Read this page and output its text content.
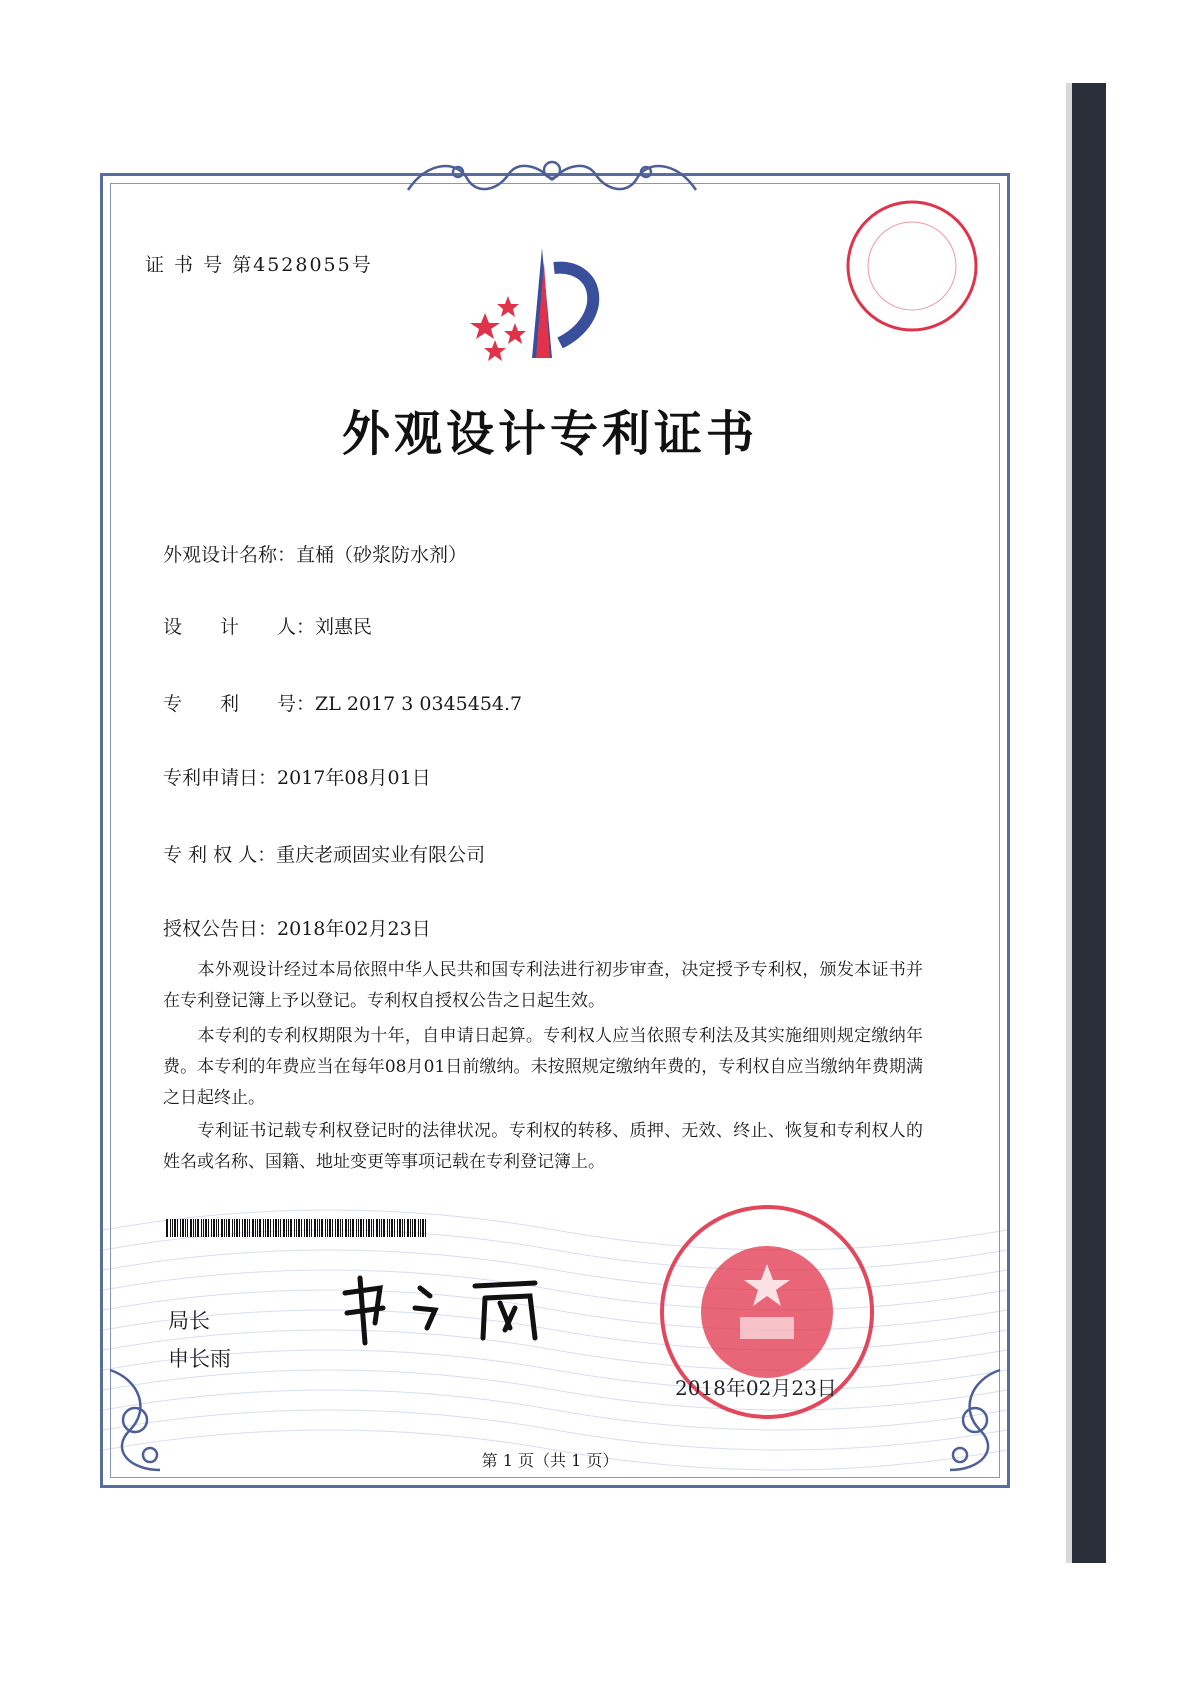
证 书 号 第4528055号
外观设计专利证书
外观设计名称：直桶（砂浆防水剂）
设　　计　　人：刘惠民
专　　利　　号：ZL 2017 3 0345454.7
专利申请日：2017年08月01日
专 利 权 人：重庆老顽固实业有限公司
授权公告日：2018年02月23日
　　本外观设计经过本局依照中华人民共和国专利法进行初步审查，决定授予专利权，颁发本证书并在专利登记簿上予以登记。专利权自授权公告之日起生效。
　　本专利的专利权期限为十年，自申请日起算。专利权人应当依照专利法及其实施细则规定缴纳年费。本专利的年费应当在每年08月01日前缴纳。未按照规定缴纳年费的，专利权自应当缴纳年费期满之日起终止。
　　专利证书记载专利权登记时的法律状况。专利权的转移、质押、无效、终止、恢复和专利权人的姓名或名称、国籍、地址变更等事项记载在专利登记簿上。
局长
申长雨
2018年02月23日
第 1 页（共 1 页）
